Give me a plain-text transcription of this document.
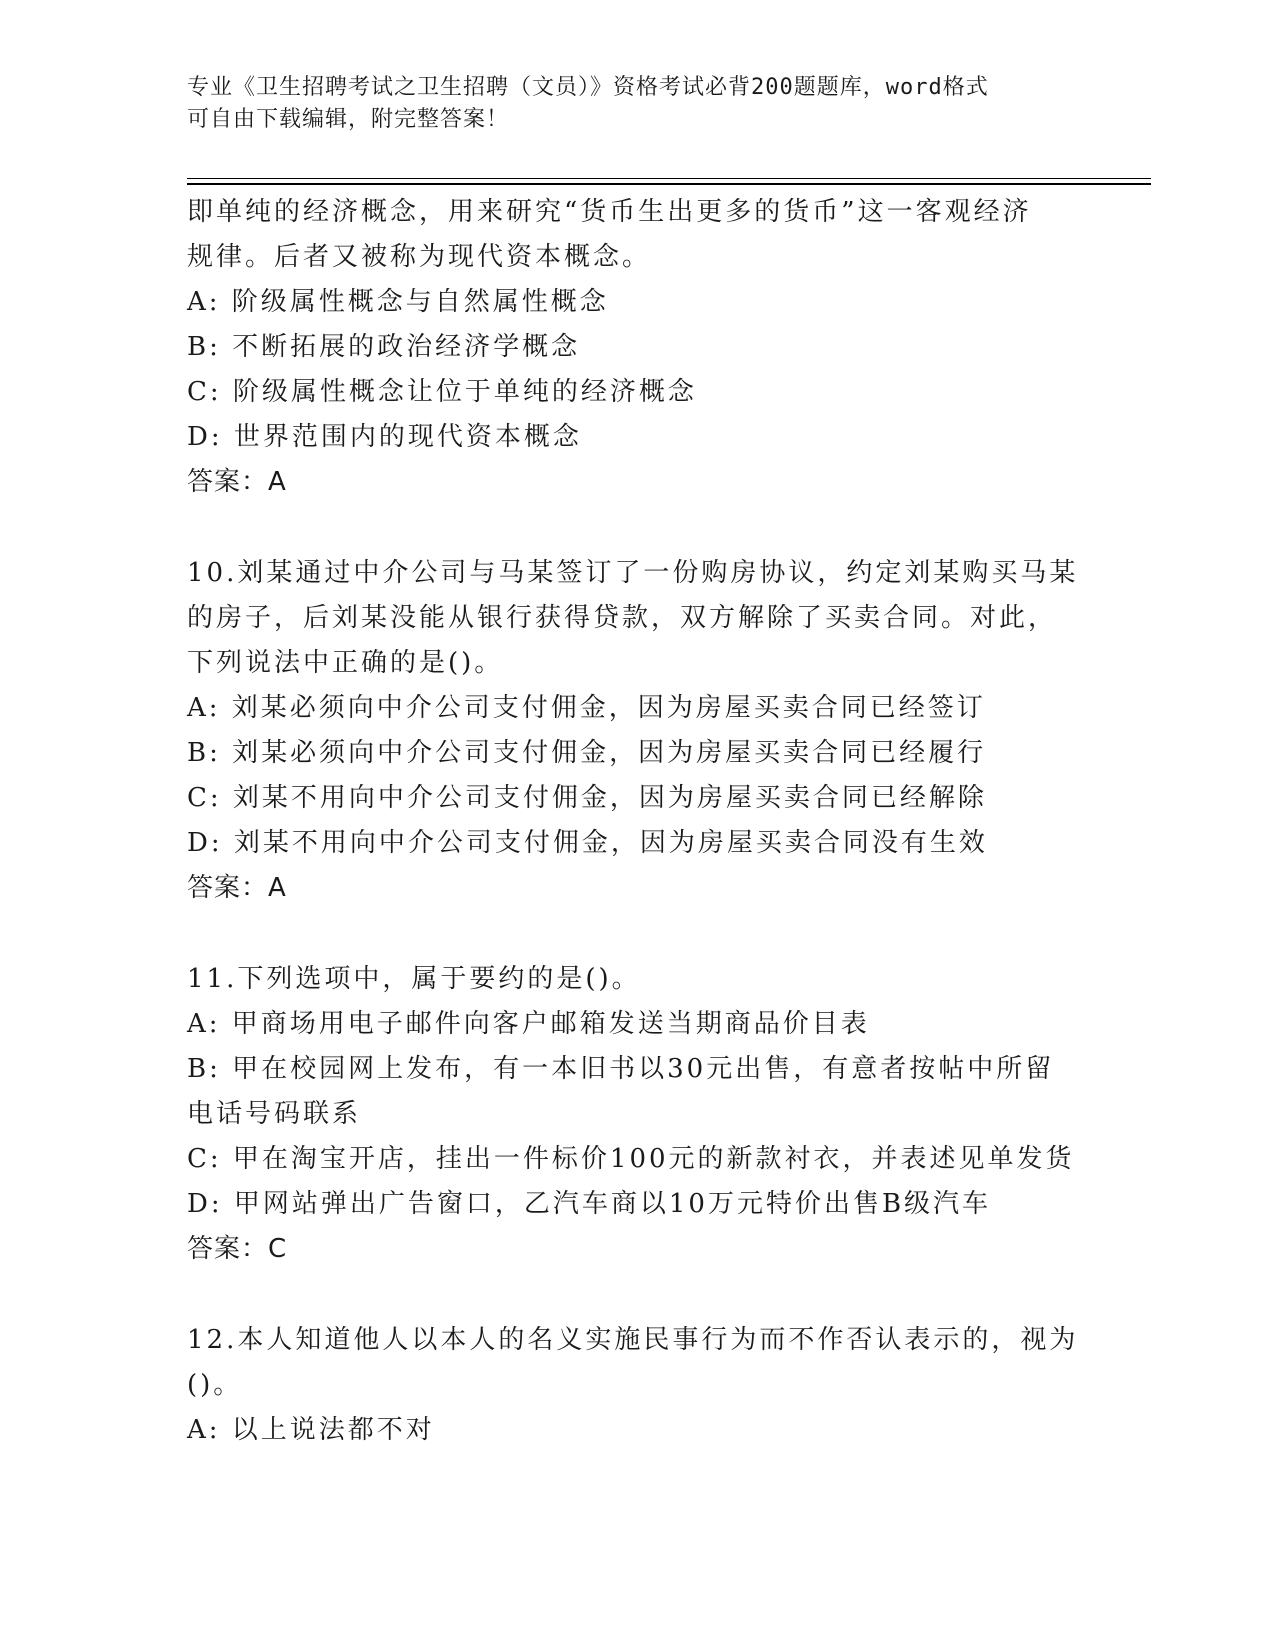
专业《卫生招聘考试之卫生招聘（文员）》资格考试必背200题题库，word格式
可自由下载编辑，附完整答案！
即单纯的经济概念，用来研究“货币生出更多的货币”这一客观经济
规律。后者又被称为现代资本概念。
A: 阶级属性概念与自然属性概念
B: 不断拓展的政治经济学概念
C: 阶级属性概念让位于单纯的经济概念
D: 世界范围内的现代资本概念
答案：A
10.刘某通过中介公司与马某签订了一份购房协议，约定刘某购买马某
的房子，后刘某没能从银行获得贷款，双方解除了买卖合同。对此，
下列说法中正确的是()。
A: 刘某必须向中介公司支付佣金，因为房屋买卖合同已经签订
B: 刘某必须向中介公司支付佣金，因为房屋买卖合同已经履行
C: 刘某不用向中介公司支付佣金，因为房屋买卖合同已经解除
D: 刘某不用向中介公司支付佣金，因为房屋买卖合同没有生效
答案：A
11.下列选项中，属于要约的是()。
A: 甲商场用电子邮件向客户邮箱发送当期商品价目表
B: 甲在校园网上发布，有一本旧书以30元出售，有意者按帖中所留
电话号码联系
C: 甲在淘宝开店，挂出一件标价100元的新款衬衣，并表述见单发货
D: 甲网站弹出广告窗口，乙汽车商以10万元特价出售B级汽车
答案：C
12.本人知道他人以本人的名义实施民事行为而不作否认表示的，视为
()。
A: 以上说法都不对
